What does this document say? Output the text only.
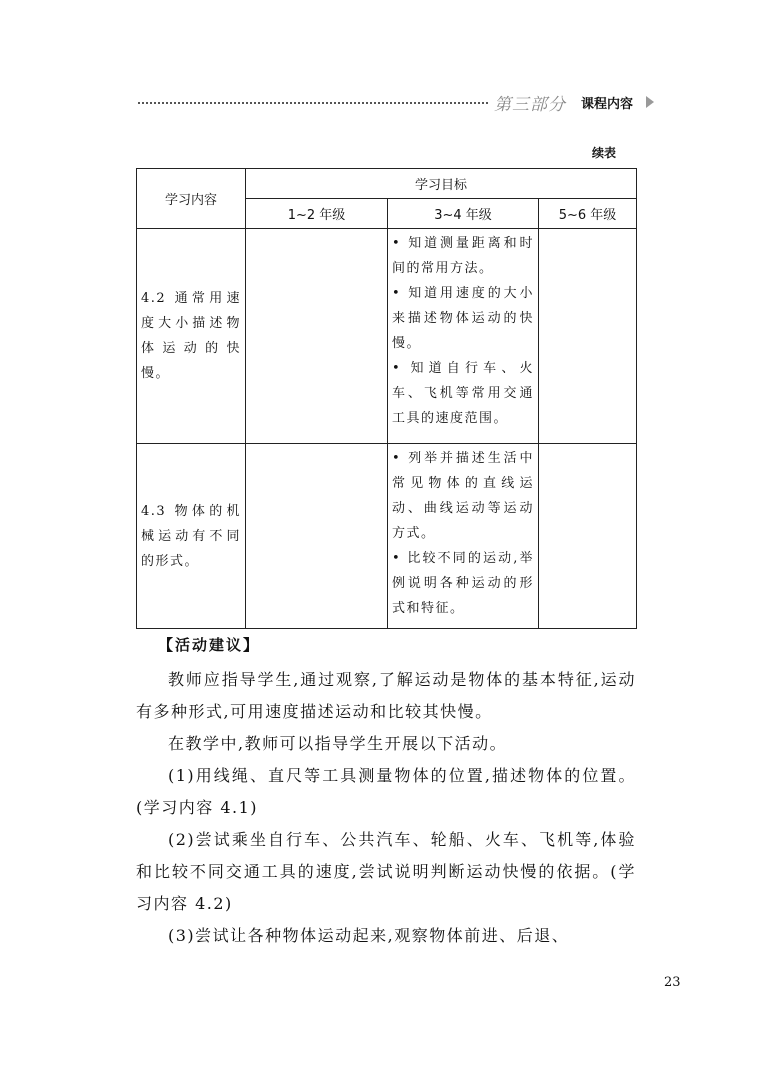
第三部分 课程内容
续表
学习内容	学习目标		
	1~2 年级	3~4 年级	5~6 年级

4.2 通常用速度大小描述物体运动的快慢。		• 知道测量距离和时间的常用方法。
• 知道用速度的大小来描述物体运动的快慢。
• 知道自行车、火车、飞机等常用交通工具的速度范围。	

4.3 物体的机械运动有不同的形式。		• 列举并描述生活中常见物体的直线运动、曲线运动等运动方式。
• 比较不同的运动,举例说明各种运动的形式和特征。	

【活动建议】

教师应指导学生,通过观察,了解运动是物体的基本特征,运动有多种形式,可用速度描述运动和比较其快慢。

在教学中,教师可以指导学生开展以下活动。

(1)用线绳、直尺等工具测量物体的位置,描述物体的位置。(学习内容 4.1)

(2)尝试乘坐自行车、公共汽车、轮船、火车、飞机等,体验和比较不同交通工具的速度,尝试说明判断运动快慢的依据。(学习内容 4.2)

(3)尝试让各种物体运动起来,观察物体前进、后退、

23
